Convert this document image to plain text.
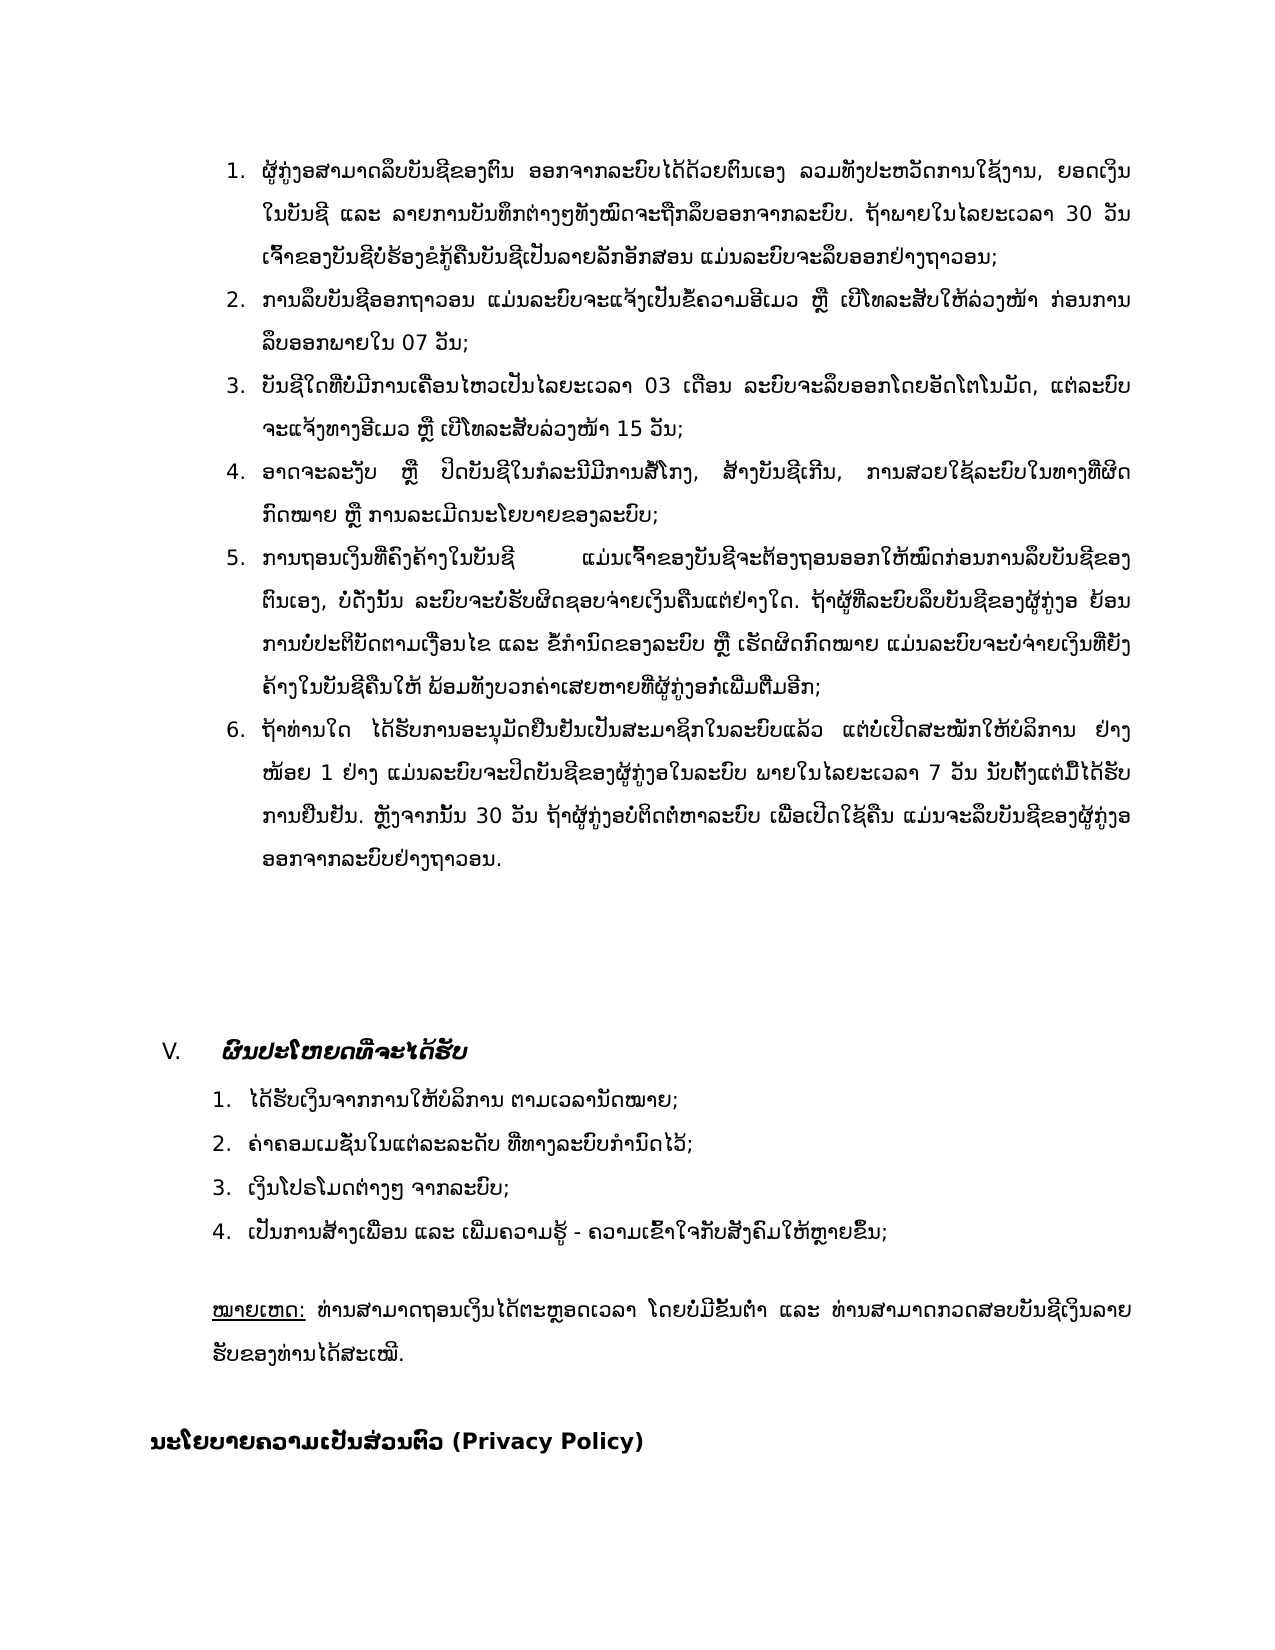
1. ຜູ້ກູ່ງອສາມາດລຶບບັນຊີຂອງຕົນ ອອກຈາກລະບົບໄດ້ດ້ວຍຕົນເອງ ລວມທັງປະຫວັດການໃຊ້ງານ, ຍອດເງິນໃນບັນຊີ ແລະ ລາຍການບັນທຶກຕ່າງໆທັງໝົດຈະຖືກລຶບອອກຈາກລະບົບ. ຖ້າພາຍໃນໄລຍະເວລາ 30 ວັນ ເຈົ້າຂອງບັນຊີບໍ່ຮ້ອງຂໍກູ້ຄືນບັນຊີເປັນລາຍລັກອັກສອນ ແມ່ນລະບົບຈະລຶບອອກຢ່າງຖາວອນ;
2. ການລຶບບັນຊີອອກຖາວອນ ແມ່ນລະບົບຈະແຈ້ງເປັນຂໍ້ຄວາມອີເມວ ຫຼື ເບີໂທລະສັບໃຫ້ລ່ວງໜ້າ ກ່ອນການລຶບອອກພາຍໃນ 07 ວັນ;
3. ບັນຊີໃດທີ່ບໍ່ມີການເຄື່ອນໄຫວເປັນໄລຍະເວລາ 03 ເດືອນ ລະບົບຈະລຶບອອກໂດຍອັດໂຕໂນມັດ, ແຕ່ລະບົບຈະແຈ້ງທາງອີເມວ ຫຼື ເບີໂທລະສັບລ່ວງໜ້າ 15 ວັນ;
4. ອາດຈະລະງັບ ຫຼື ປິດບັນຊີໃນກໍລະນີມີການສໍ້ໂກງ, ສ້າງບັນຊີເກີນ, ການສວຍໃຊ້ລະບົບໃນທາງທີ່ຜິດກົດໝາຍ ຫຼື ການລະເມີດນະໂຍບາຍຂອງລະບົບ;
5. ການຖອນເງິນທີ່ຄົງຄ້າງໃນບັນຊີ ແມ່ນເຈົ້າຂອງບັນຊີຈະຕ້ອງຖອນອອກໃຫ້ໝົດກ່ອນການລຶບບັນຊີຂອງຕົນເອງ, ບໍ່ດັ່ງນັ້ນ ລະບົບຈະບໍ່ຮັບຜິດຊອບຈ່າຍເງິນຄືນແຕ່ຢ່າງໃດ. ຖ້າຜູ້ທີ່ລະບົບລຶບບັນຊີຂອງຜູ້ກູ່ງອ ຍ້ອນການບໍ່ປະຕິບັດຕາມເງື່ອນໄຂ ແລະ ຂໍ້ກຳນົດຂອງລະບົບ ຫຼື ເຮັດຜິດກົດໝາຍ ແມ່ນລະບົບຈະບໍ່ຈ່າຍເງິນທີ່ຍັງຄ້າງໃນບັນຊີຄືນໃຫ້ ພ້ອມທັງບວກຄ່າເສຍຫາຍທີ່ຜູ້ກູ່ງອກໍ່ເພີ່ມຕື່ມອີກ;
6. ຖ້າທ່ານໃດ ໄດ້ຮັບການອະນຸມັດຢືນຢັນເປັນສະມາຊິກໃນລະບົບແລ້ວ ແຕ່ບໍ່ເປີດສະໝັກໃຫ້ບໍລິການ ຢ່າງໜ້ອຍ 1 ຢ່າງ ແມ່ນລະບົບຈະປິດບັນຊີຂອງຜູ້ກູ່ງອໃນລະບົບ ພາຍໃນໄລຍະເວລາ 7 ວັນ ນັບຕັ້ງແຕ່ມື້ໄດ້ຮັບການຢືນຢັນ. ຫຼັງຈາກນັ້ນ 30 ວັນ ຖ້າຜູ້ກູ່ງອບໍ່ຕິດຕໍ່ຫາລະບົບ ເພື່ອເປີດໃຊ້ຄືນ ແມ່ນຈະລຶບບັນຊີຂອງຜູ້ກູ່ງອອອກຈາກລະບົບຢ່າງຖາວອນ.
V.	ຜົນປະໂຫຍດທີ່ຈະໄດ້ຮັບ
1. ໄດ້ຮັບເງິນຈາກການໃຫ້ບໍລິການ ຕາມເວລານັດໝາຍ;
2. ຄ່າຄອມເມຊັ່ນໃນແຕ່ລະລະດັບ ທີ່ທາງລະບົບກຳນົດໄວ້;
3. ເງິນໂປຣໂມດຕ່າງໆ ຈາກລະບົບ;
4. ເປັນການສ້າງເພື່ອນ ແລະ ເພີ່ມຄວາມຮູ້ - ຄວາມເຂົ້າໃຈກັບສັງຄົມໃຫ້ຫຼາຍຂຶ້ນ;

ໝາຍເຫດ: ທ່ານສາມາດຖອນເງິນໄດ້ຕະຫຼອດເວລາ ໂດຍບໍ່ມີຂັ້ນຕ່ຳ ແລະ ທ່ານສາມາດກວດສອບບັນຊີເງິນລາຍຮັບຂອງທ່ານໄດ້ສະເໝີ.

ນະໂຍບາຍຄວາມເປັນສ່ວນຕົວ (Privacy Policy)
